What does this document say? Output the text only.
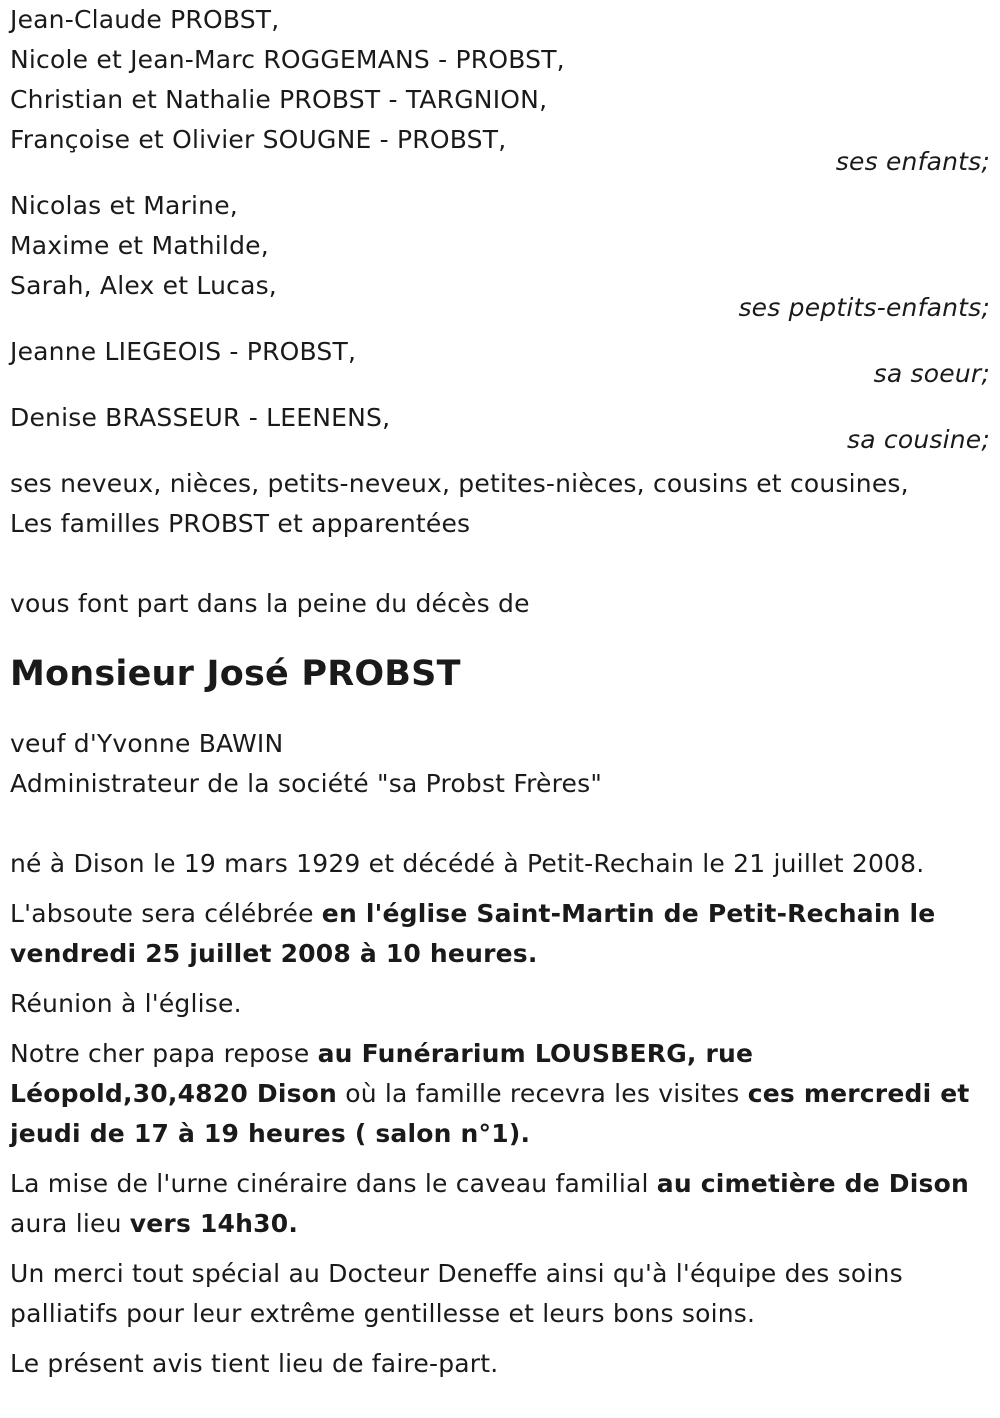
Jean-Claude PROBST,
Nicole et Jean-Marc ROGGEMANS - PROBST,
Christian et Nathalie PROBST - TARGNION,
Françoise et Olivier SOUGNE - PROBST,
ses enfants;
Nicolas et Marine,
Maxime et Mathilde,
Sarah, Alex et Lucas,
ses peptits-enfants;
Jeanne LIEGEOIS - PROBST,
sa soeur;
Denise BRASSEUR - LEENENS,
sa cousine;
ses neveux, nièces, petits-neveux, petites-nièces, cousins et cousines,
Les familles PROBST et apparentées
vous font part dans la peine du décès de
Monsieur José PROBST
veuf d'Yvonne BAWIN
Administrateur de la société "sa Probst Frères"
né à Dison le 19 mars 1929 et décédé à Petit-Rechain le 21 juillet 2008.
L'absoute sera célébrée en l'église Saint-Martin de Petit-Rechain le vendredi 25 juillet 2008 à 10 heures.
Réunion à l'église.
Notre cher papa repose au Funérarium LOUSBERG, rue Léopold,30,4820 Dison où la famille recevra les visites ces mercredi et jeudi de 17 à 19 heures ( salon n°1).
La mise de l'urne cinéraire dans le caveau familial au cimetière de Dison aura lieu vers 14h30.
Un merci tout spécial au Docteur Deneffe ainsi qu'à l'équipe des soins palliatifs pour leur extrême gentillesse et leurs bons soins.
Le présent avis tient lieu de faire-part.
